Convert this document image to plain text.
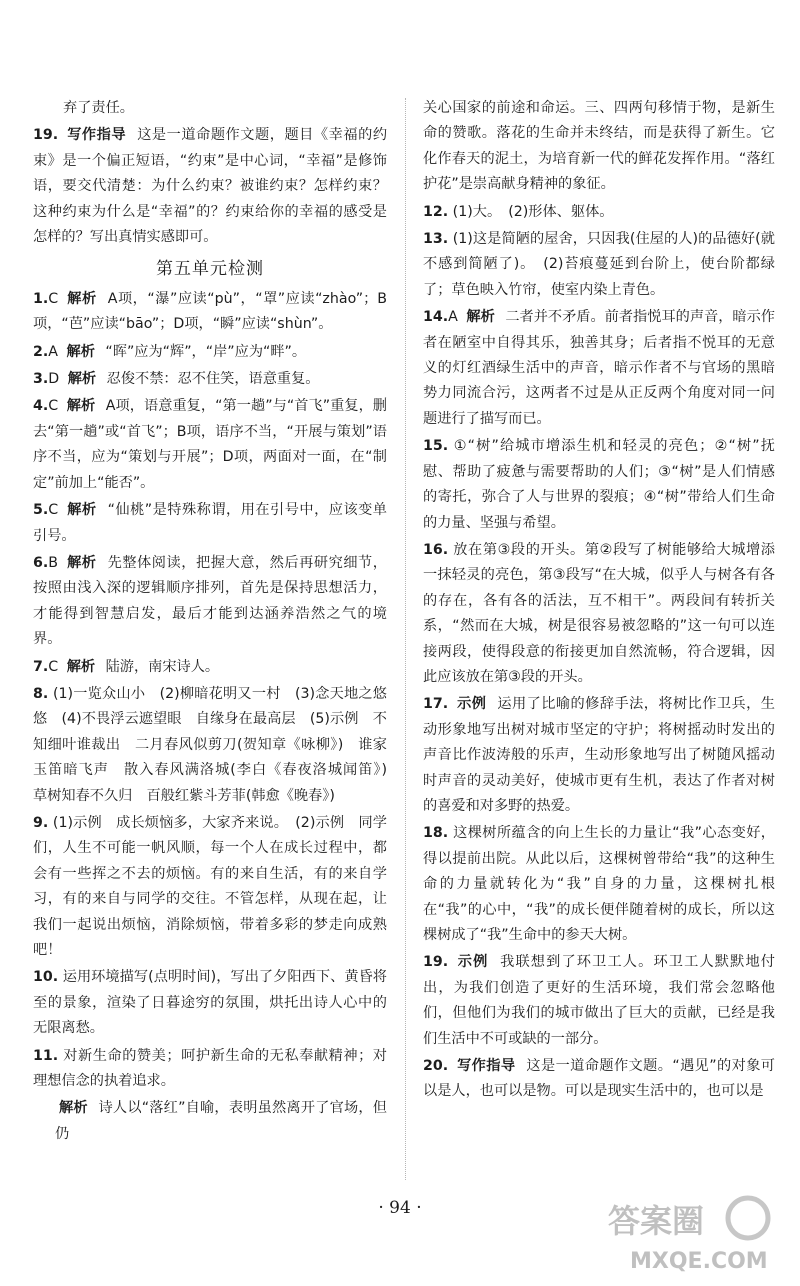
弃了责任。
19. 写作指导 这是一道命题作文题，题目《幸福的约束》是一个偏正短语，“约束”是中心词，“幸福”是修饰语，要交代清楚：为什么约束？被谁约束？怎样约束？这种约束为什么是“幸福”的？约束给你的幸福的感受是怎样的？写出真情实感即可。
第五单元检测
1.C 解析 A项，“瀑”应读“pù”，“罩”应读“zhào”；B项，“芭”应读“bāo”；D项，“瞬”应读“shùn”。
2.A 解析 “晖”应为“辉”，“岸”应为“畔”。
3.D 解析 忍俊不禁：忍不住笑，语意重复。
4.C 解析 A项，语意重复，“第一趟”与“首飞”重复，删去“第一趟”或“首飞”；B项，语序不当，“开展与策划”语序不当，应为“策划与开展”；D项，两面对一面，在“制定”前加上“能否”。
5.C 解析 “仙桃”是特殊称谓，用在引号中，应该变单引号。
6.B 解析 先整体阅读，把握大意，然后再研究细节，按照由浅入深的逻辑顺序排列，首先是保持思想活力，才能得到智慧启发，最后才能到达涵养浩然之气的境界。
7.C 解析 陆游，南宋诗人。
8. (1)一览众山小　(2)柳暗花明又一村　(3)念天地之悠悠　(4)不畏浮云遮望眼　自缘身在最高层　(5)示例　不知细叶谁裁出　二月春风似剪刀(贺知章《咏柳》)　谁家玉笛暗飞声　散入春风满洛城(李白《春夜洛城闻笛》)　草树知春不久归　百般红紫斗芳菲(韩愈《晚春》)
9. (1)示例　成长烦恼多，大家齐来说。　(2)示例　同学们，人生不可能一帆风顺，每一个人在成长过程中，都会有一些挥之不去的烦恼。有的来自生活，有的来自学习，有的来自与同学的交往。不管怎样，从现在起，让我们一起说出烦恼，消除烦恼，带着多彩的梦走向成熟吧！
10. 运用环境描写(点明时间)，写出了夕阳西下、黄昏将至的景象，渲染了日暮途穷的氛围，烘托出诗人心中的无限离愁。
11. 对新生命的赞美；呵护新生命的无私奉献精神；对理想信念的执着追求。
解析 诗人以“落红”自喻，表明虽然离开了官场，但仍
关心国家的前途和命运。三、四两句移情于物，是新生命的赞歌。落花的生命并未终结，而是获得了新生。它化作春天的泥土，为培育新一代的鲜花发挥作用。“落红护花”是崇高献身精神的象征。
12. (1)大。　(2)形体、躯体。
13. (1)这是简陋的屋舍，只因我(住屋的人)的品德好(就不感到简陋了)。　(2)苔痕蔓延到台阶上，使台阶都绿了；草色映入竹帘，使室内染上青色。
14.A 解析 二者并不矛盾。前者指悦耳的声音，暗示作者在陋室中自得其乐，独善其身；后者指不悦耳的无意义的灯红酒绿生活中的声音，暗示作者不与官场的黑暗势力同流合污，这两者不过是从正反两个角度对同一问题进行了描写而已。
15. ①“树”给城市增添生机和轻灵的亮色；②“树”抚慰、帮助了疲惫与需要帮助的人们；③“树”是人们情感的寄托，弥合了人与世界的裂痕；④“树”带给人们生命的力量、坚强与希望。
16. 放在第③段的开头。第②段写了树能够给大城增添一抹轻灵的亮色，第③段写“在大城，似乎人与树各有各的存在，各有各的活法，互不相干”。两段间有转折关系，“然而在大城，树是很容易被忽略的”这一句可以连接两段，使得段意的衔接更加自然流畅，符合逻辑，因此应该放在第③段的开头。
17. 示例 运用了比喻的修辞手法，将树比作卫兵，生动形象地写出树对城市坚定的守护；将树摇动时发出的声音比作波涛般的乐声，生动形象地写出了树随风摇动时声音的灵动美好，使城市更有生机，表达了作者对树的喜爱和对多野的热爱。
18. 这棵树所蕴含的向上生长的力量让“我”心态变好，得以提前出院。从此以后，这棵树曾带给“我”的这种生命的力量就转化为“我”自身的力量，这棵树扎根在“我”的心中，“我”的成长便伴随着树的成长，所以这棵树成了“我”生命中的参天大树。
19. 示例 我联想到了环卫工人。环卫工人默默地付出，为我们创造了更好的生活环境，我们常会忽略他们，但他们为我们的城市做出了巨大的贡献，已经是我们生活中不可或缺的一部分。
20. 写作指导 这是一道命题作文题。“遇见”的对象可以是人，也可以是物。可以是现实生活中的，也可以是
· 94 ·	答案圈
MXQE.COM
